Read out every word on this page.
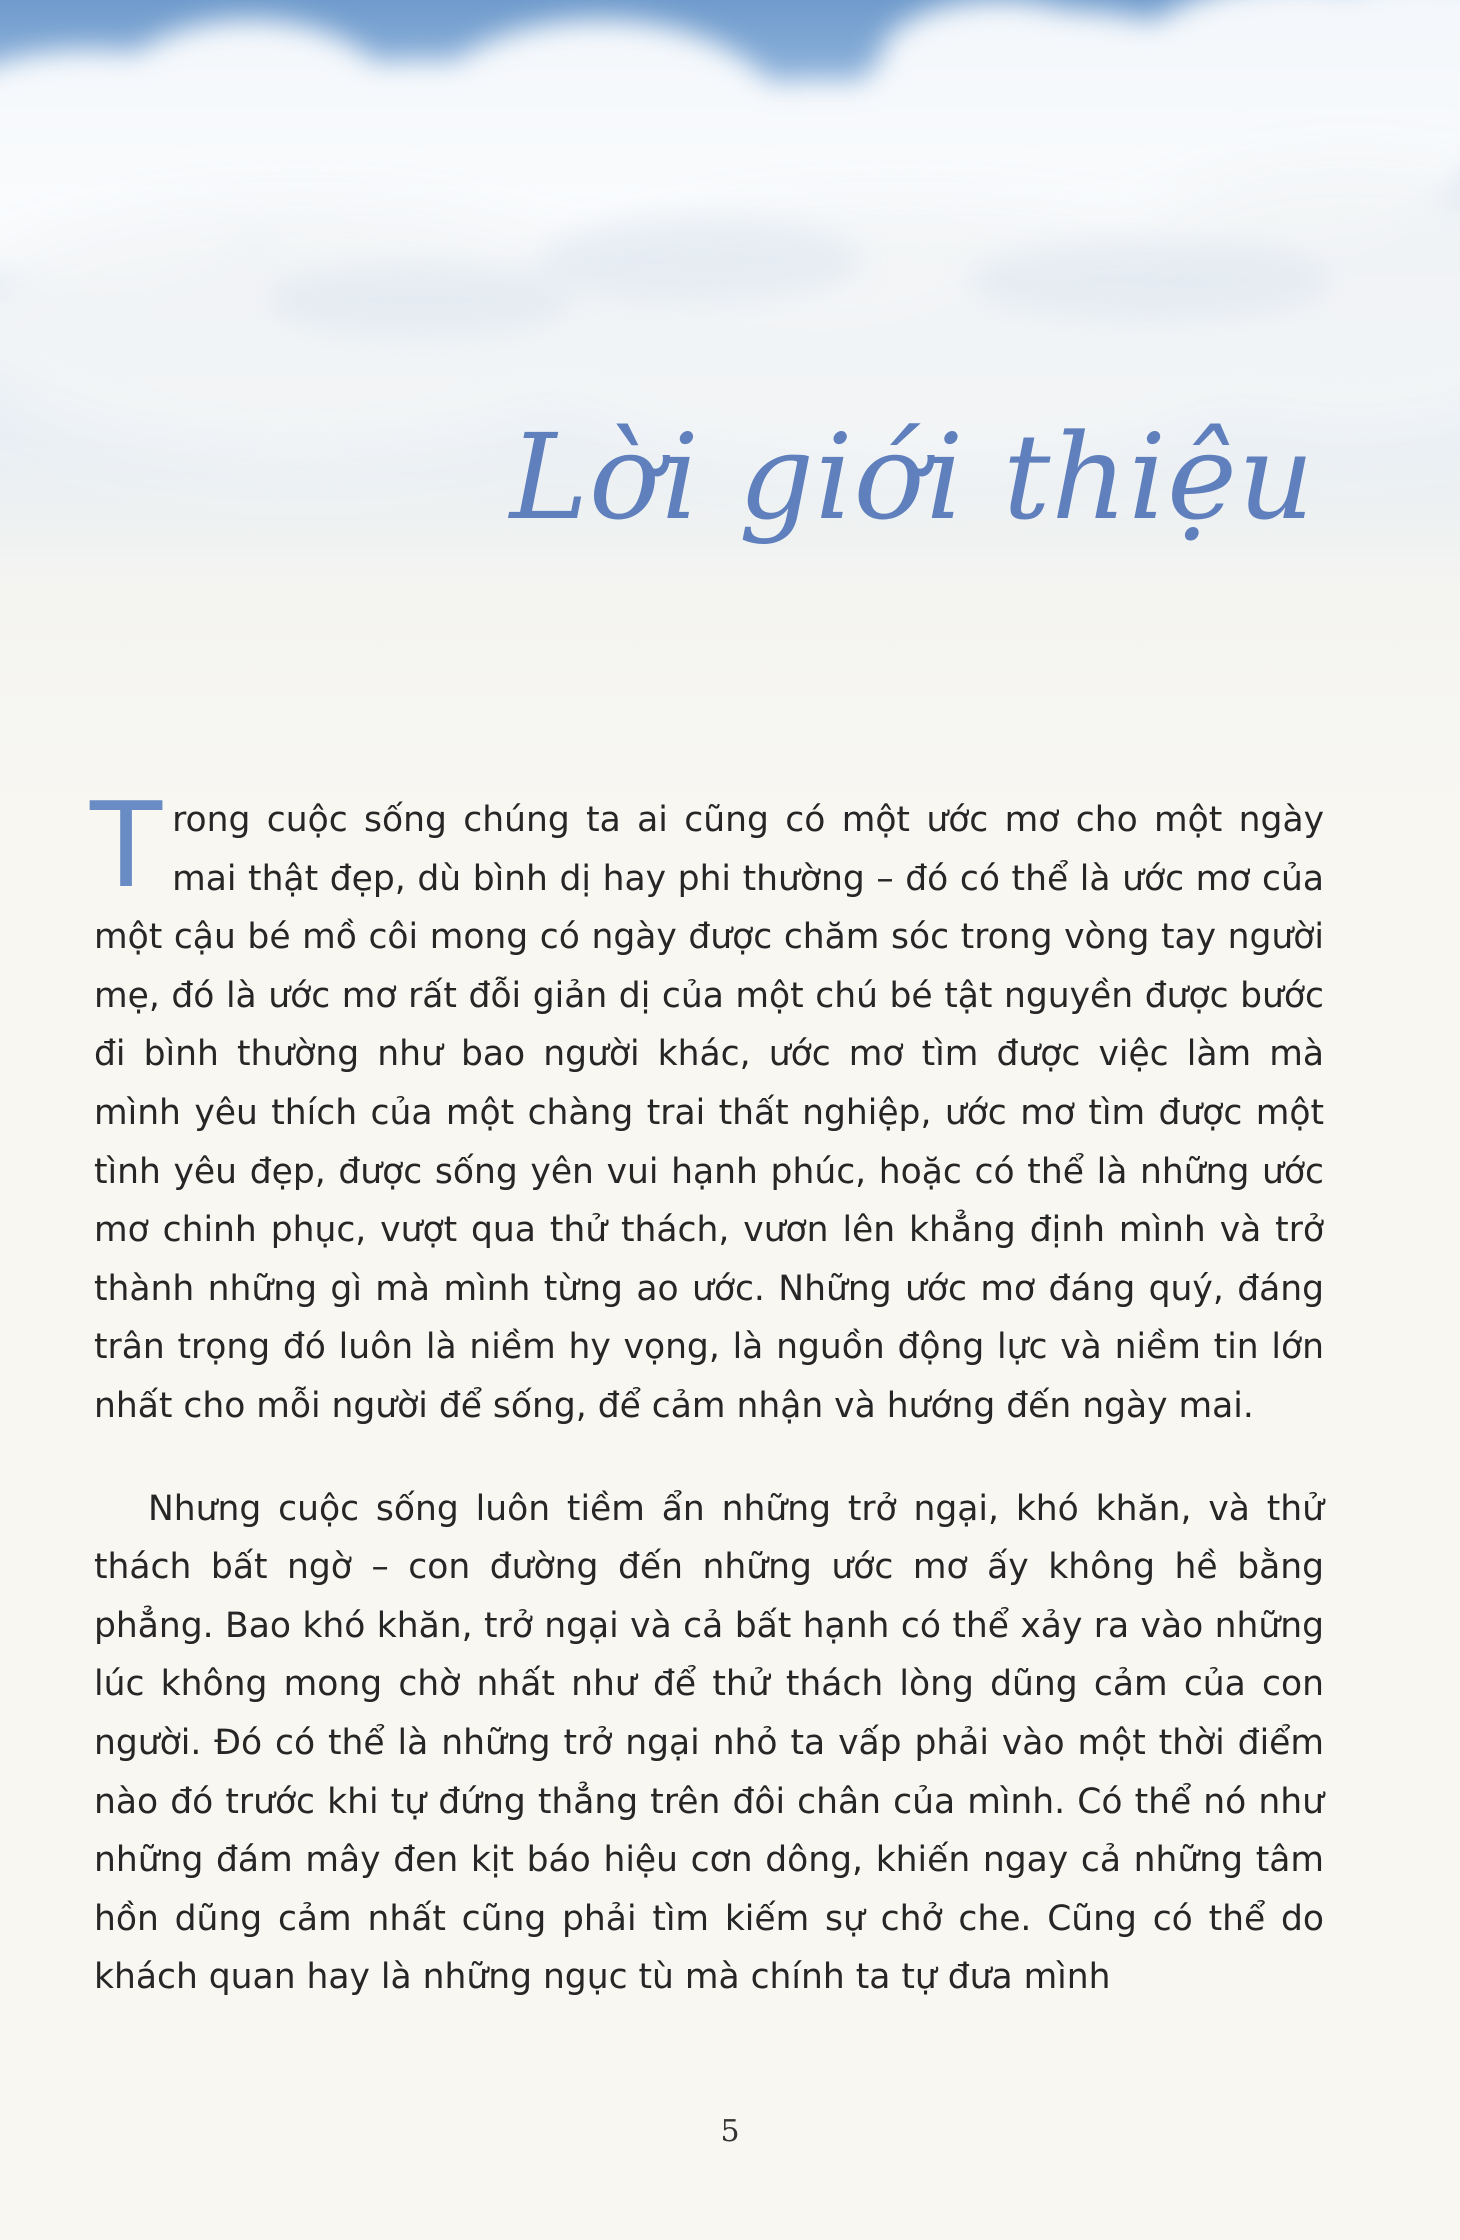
Lời giới thiệu

Trong cuộc sống chúng ta ai cũng có một ước mơ cho một ngày mai thật đẹp, dù bình dị hay phi thường – đó có thể là ước mơ của một cậu bé mồ côi mong có ngày được chăm sóc trong vòng tay người mẹ, đó là ước mơ rất đỗi giản dị của một chú bé tật nguyền được bước đi bình thường như bao người khác, ước mơ tìm được việc làm mà mình yêu thích của một chàng trai thất nghiệp, ước mơ tìm được một tình yêu đẹp, được sống yên vui hạnh phúc, hoặc có thể là những ước mơ chinh phục, vượt qua thử thách, vươn lên khẳng định mình và trở thành những gì mà mình từng ao ước. Những ước mơ đáng quý, đáng trân trọng đó luôn là niềm hy vọng, là nguồn động lực và niềm tin lớn nhất cho mỗi người để sống, để cảm nhận và hướng đến ngày mai.

Nhưng cuộc sống luôn tiềm ẩn những trở ngại, khó khăn, và thử thách bất ngờ – con đường đến những ước mơ ấy không hề bằng phẳng. Bao khó khăn, trở ngại và cả bất hạnh có thể xảy ra vào những lúc không mong chờ nhất như để thử thách lòng dũng cảm của con người. Đó có thể là những trở ngại nhỏ ta vấp phải vào một thời điểm nào đó trước khi tự đứng thẳng trên đôi chân của mình. Có thể nó như những đám mây đen kịt báo hiệu cơn dông, khiến ngay cả những tâm hồn dũng cảm nhất cũng phải tìm kiếm sự chở che. Cũng có thể do khách quan hay là những ngục tù mà chính ta tự đưa mình

5
